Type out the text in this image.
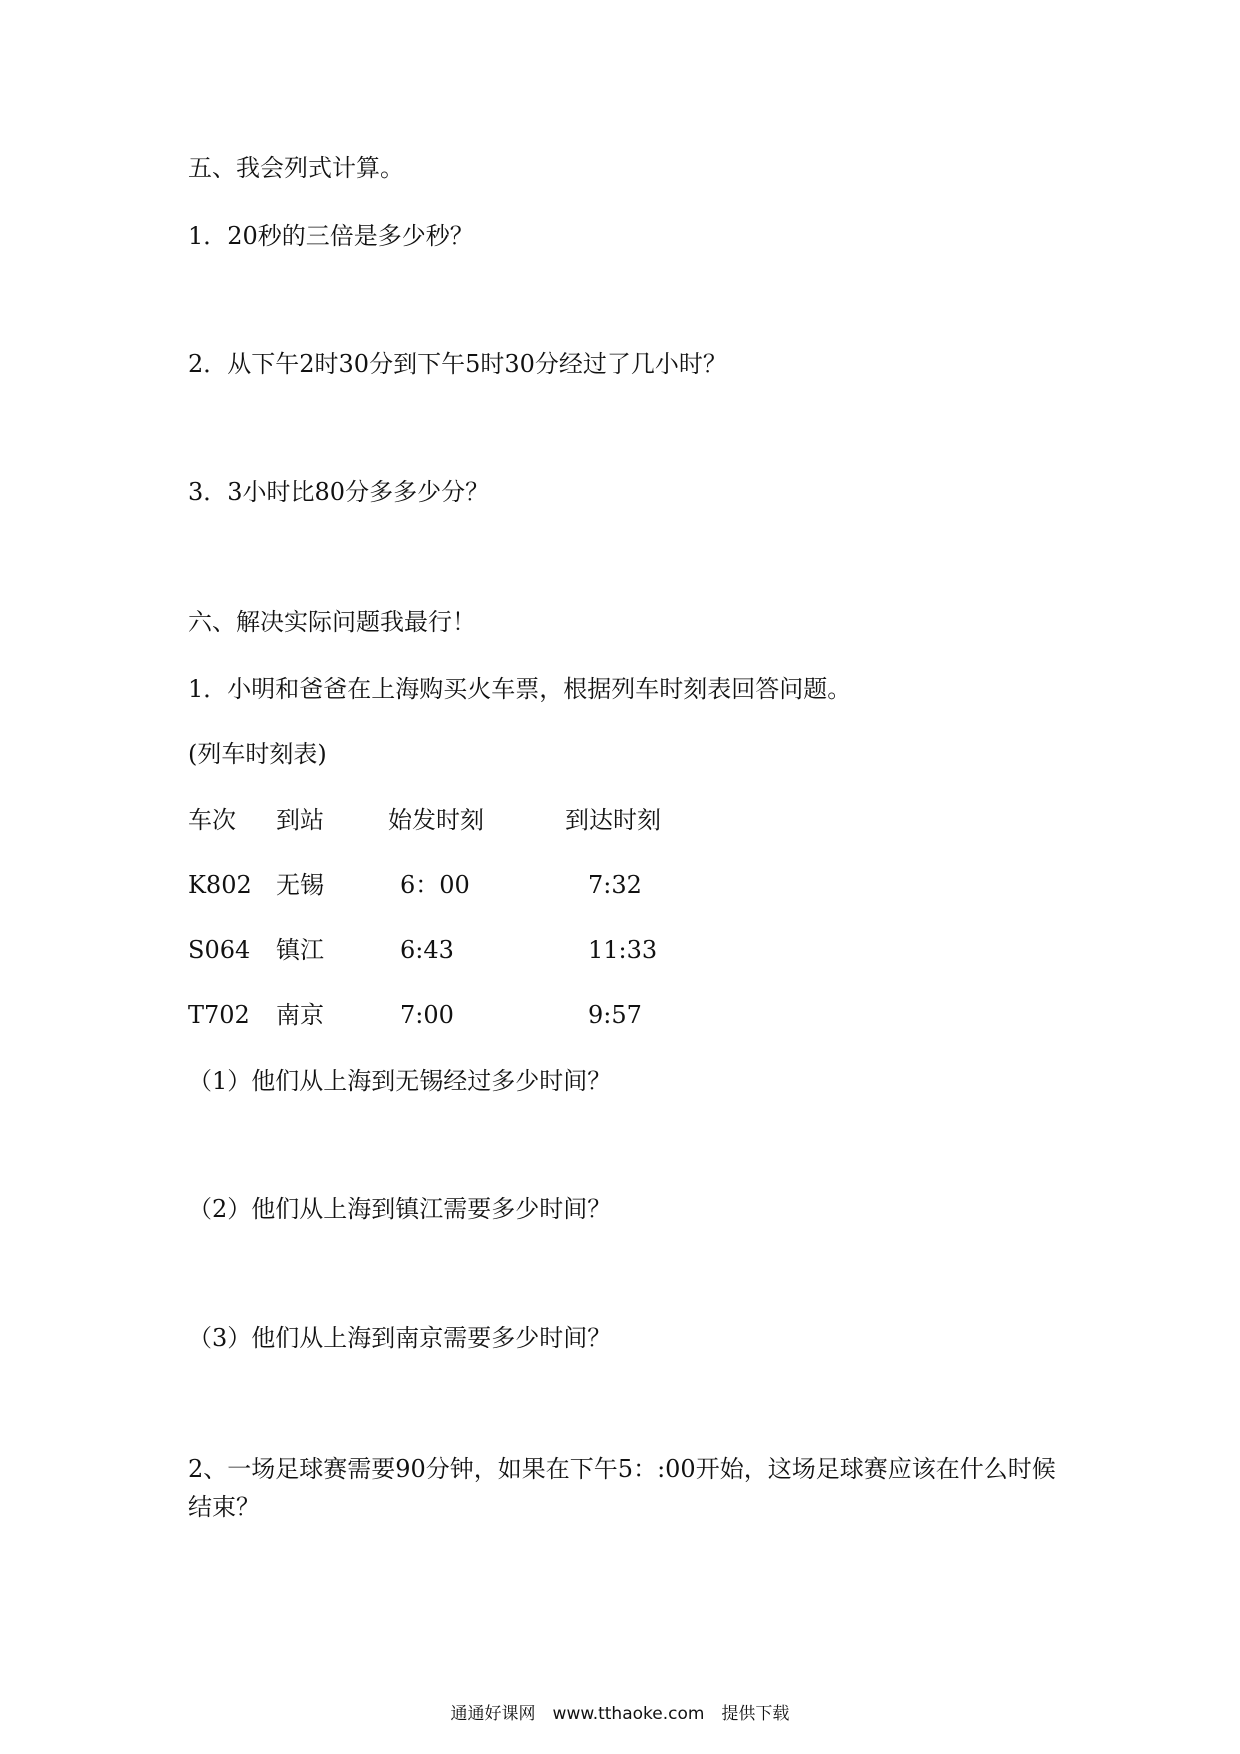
五、我会列式计算。
1．20秒的三倍是多少秒？
2．从下午2时30分到下午5时30分经过了几小时？
3．3小时比80分多多少分？
六、解决实际问题我最行！
1．小明和爸爸在上海购买火车票，根据列车时刻表回答问题。
(列车时刻表)
车次 到站	始发时刻	到达时刻
K802 无锡	6：00	7:32
S064 镇江	6:43	11:33
T702 南京	7:00	9:57
（1）他们从上海到无锡经过多少时间？
（2）他们从上海到镇江需要多少时间？
（3）他们从上海到南京需要多少时间？
2、一场足球赛需要90分钟，如果在下午5：:00开始，这场足球赛应该在什么时候结束？
通通好课网　www.tthaoke.com　提供下载
